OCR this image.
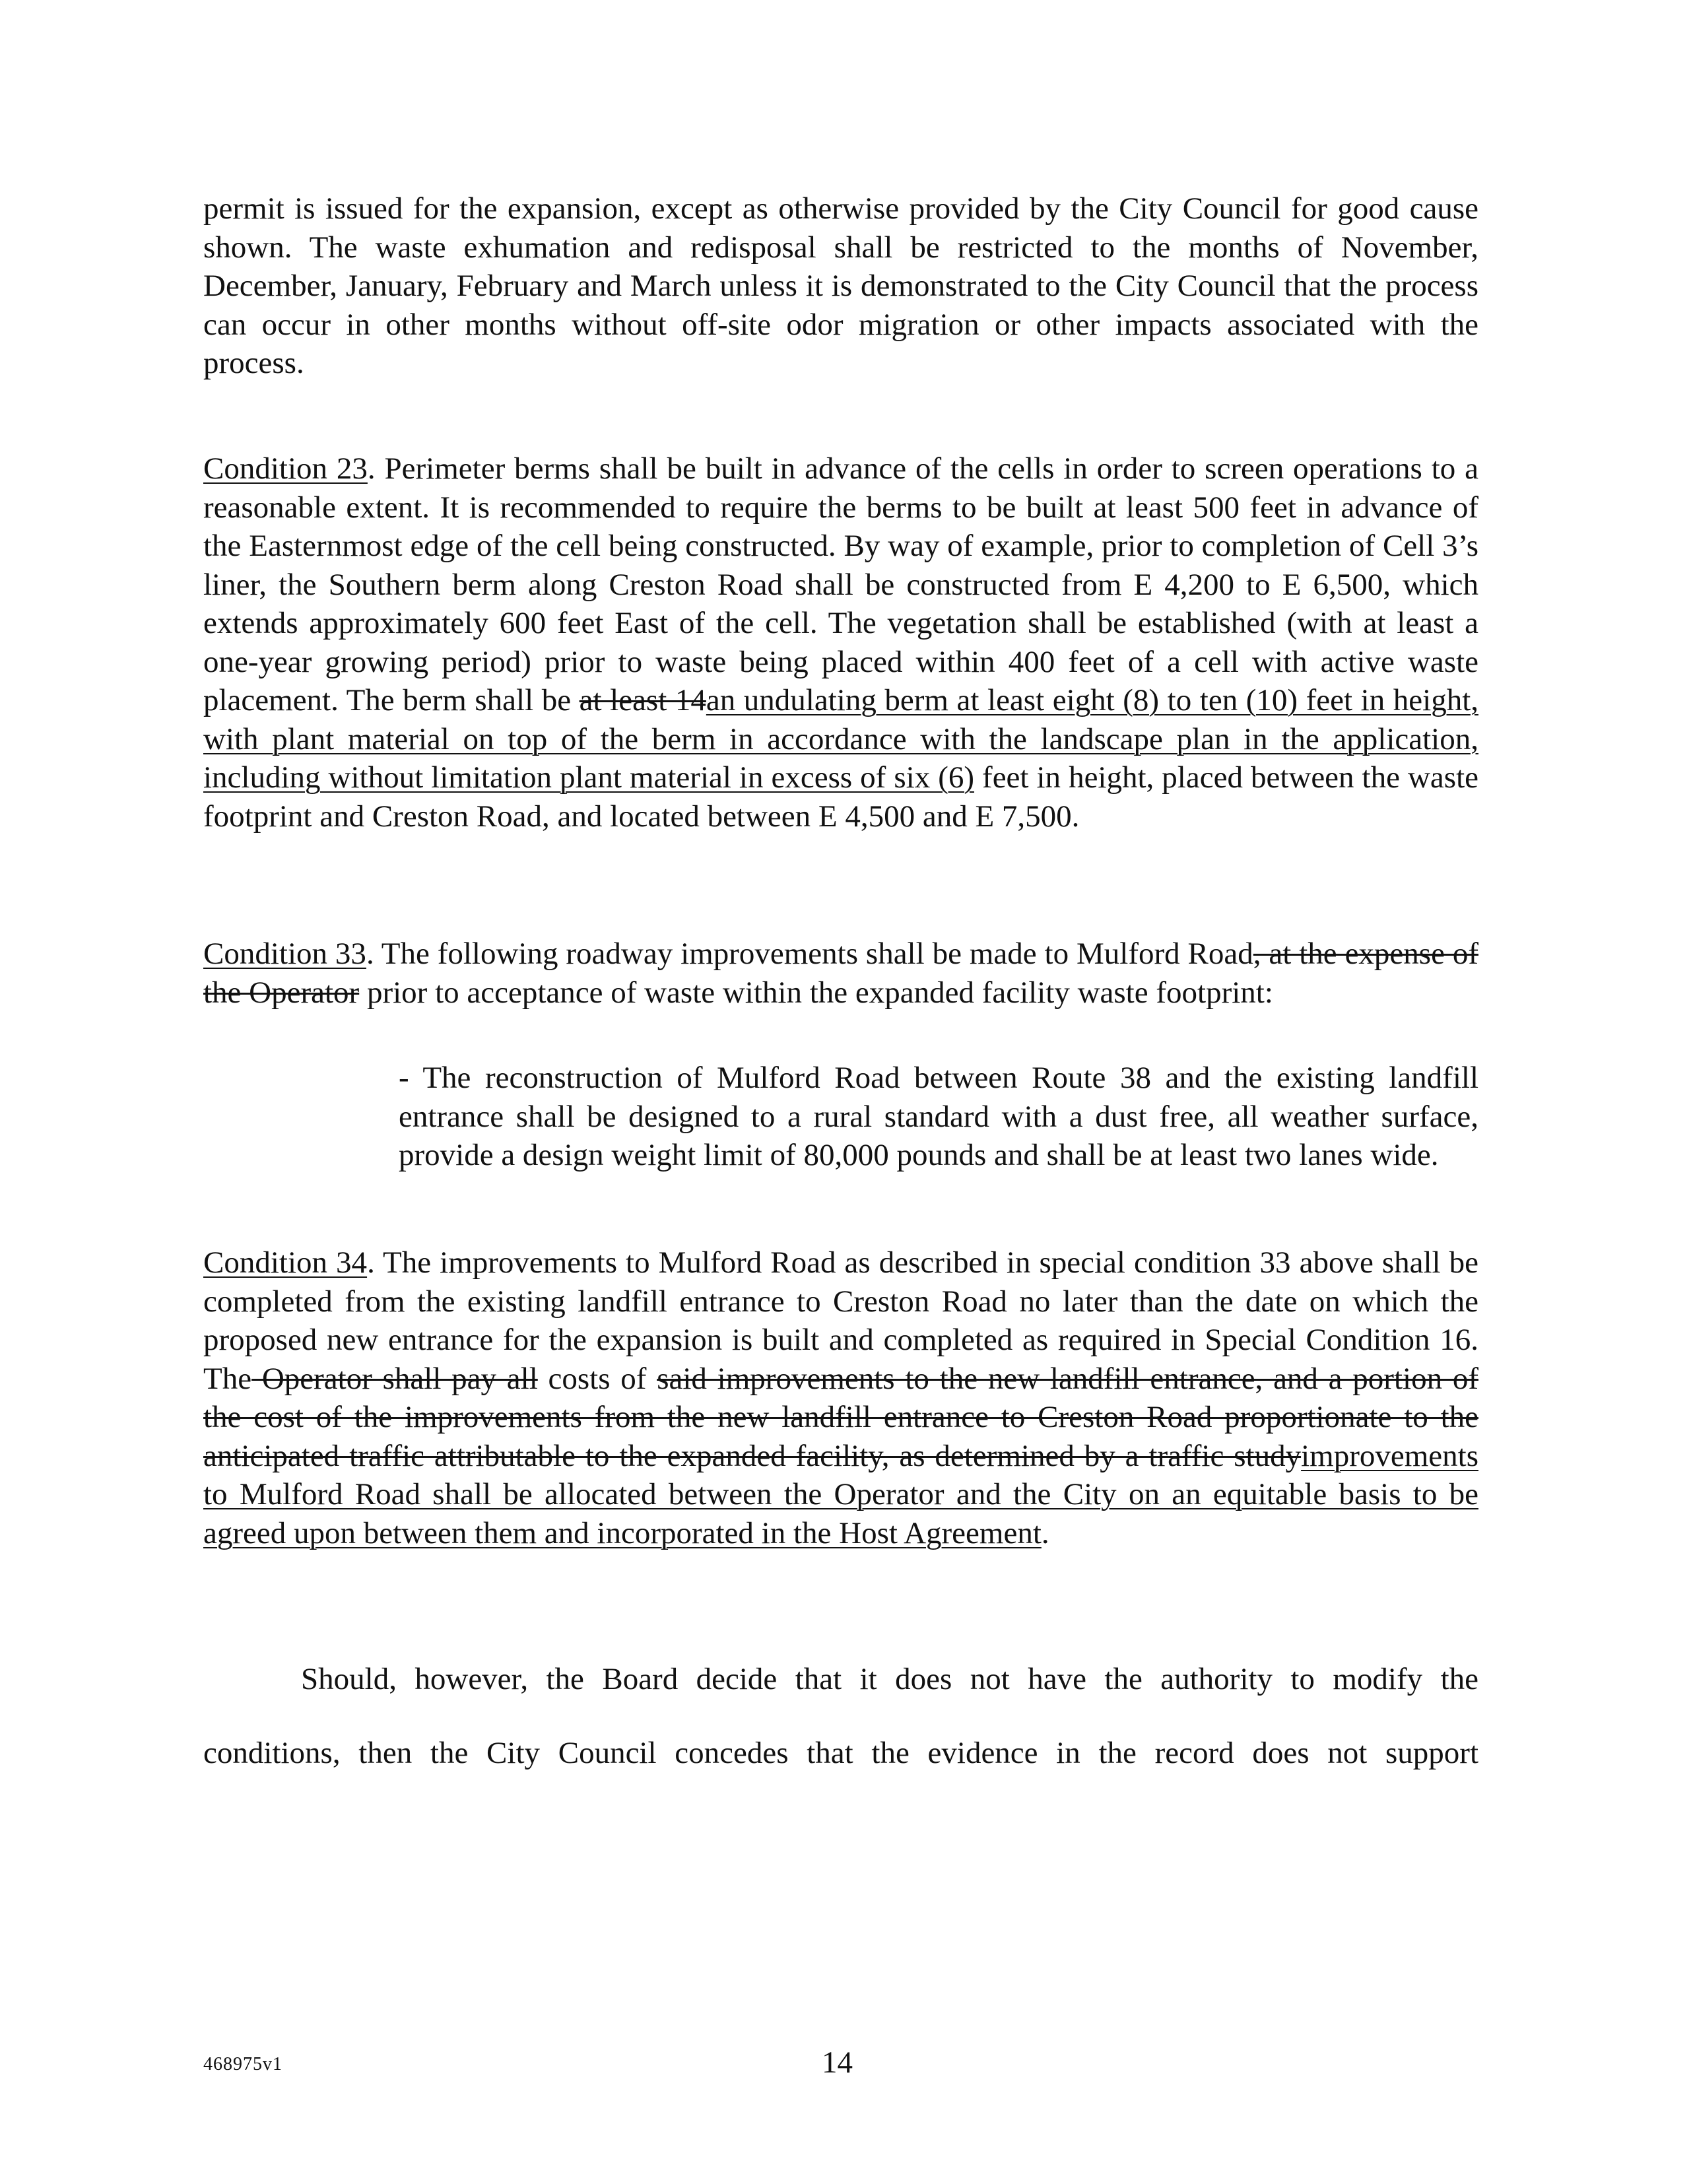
permit is issued for the expansion, except as otherwise provided by the City Council for good cause shown. The waste exhumation and redisposal shall be restricted to the months of November, December, January, February and March unless it is demonstrated to the City Council that the process can occur in other months without off-site odor migration or other impacts associated with the process.
Condition 23. Perimeter berms shall be built in advance of the cells in order to screen operations to a reasonable extent. It is recommended to require the berms to be built at least 500 feet in advance of the Easternmost edge of the cell being constructed. By way of example, prior to completion of Cell 3’s liner, the Southern berm along Creston Road shall be constructed from E 4,200 to E 6,500, which extends approximately 600 feet East of the cell. The vegetation shall be established (with at least a one-year growing period) prior to waste being placed within 400 feet of a cell with active waste placement. The berm shall be at least 14an undulating berm at least eight (8) to ten (10) feet in height, with plant material on top of the berm in accordance with the landscape plan in the application, including without limitation plant material in excess of six (6) feet in height, placed between the waste footprint and Creston Road, and located between E 4,500 and E 7,500.
Condition 33. The following roadway improvements shall be made to Mulford Road, at the expense of the Operator prior to acceptance of waste within the expanded facility waste footprint:
- The reconstruction of Mulford Road between Route 38 and the existing landfill entrance shall be designed to a rural standard with a dust free, all weather surface, provide a design weight limit of 80,000 pounds and shall be at least two lanes wide.
Condition 34. The improvements to Mulford Road as described in special condition 33 above shall be completed from the existing landfill entrance to Creston Road no later than the date on which the proposed new entrance for the expansion is built and completed as required in Special Condition 16. The Operator shall pay all costs of said improvements to the new landfill entrance, and a portion of the cost of the improvements from the new landfill entrance to Creston Road proportionate to the anticipated traffic attributable to the expanded facility, as determined by a traffic studyimprovements to Mulford Road shall be allocated between the Operator and the City on an equitable basis to be agreed upon between them and incorporated in the Host Agreement.
Should, however, the Board decide that it does not have the authority to modify the
conditions, then the City Council concedes that the evidence in the record does not support
468975v1	14
